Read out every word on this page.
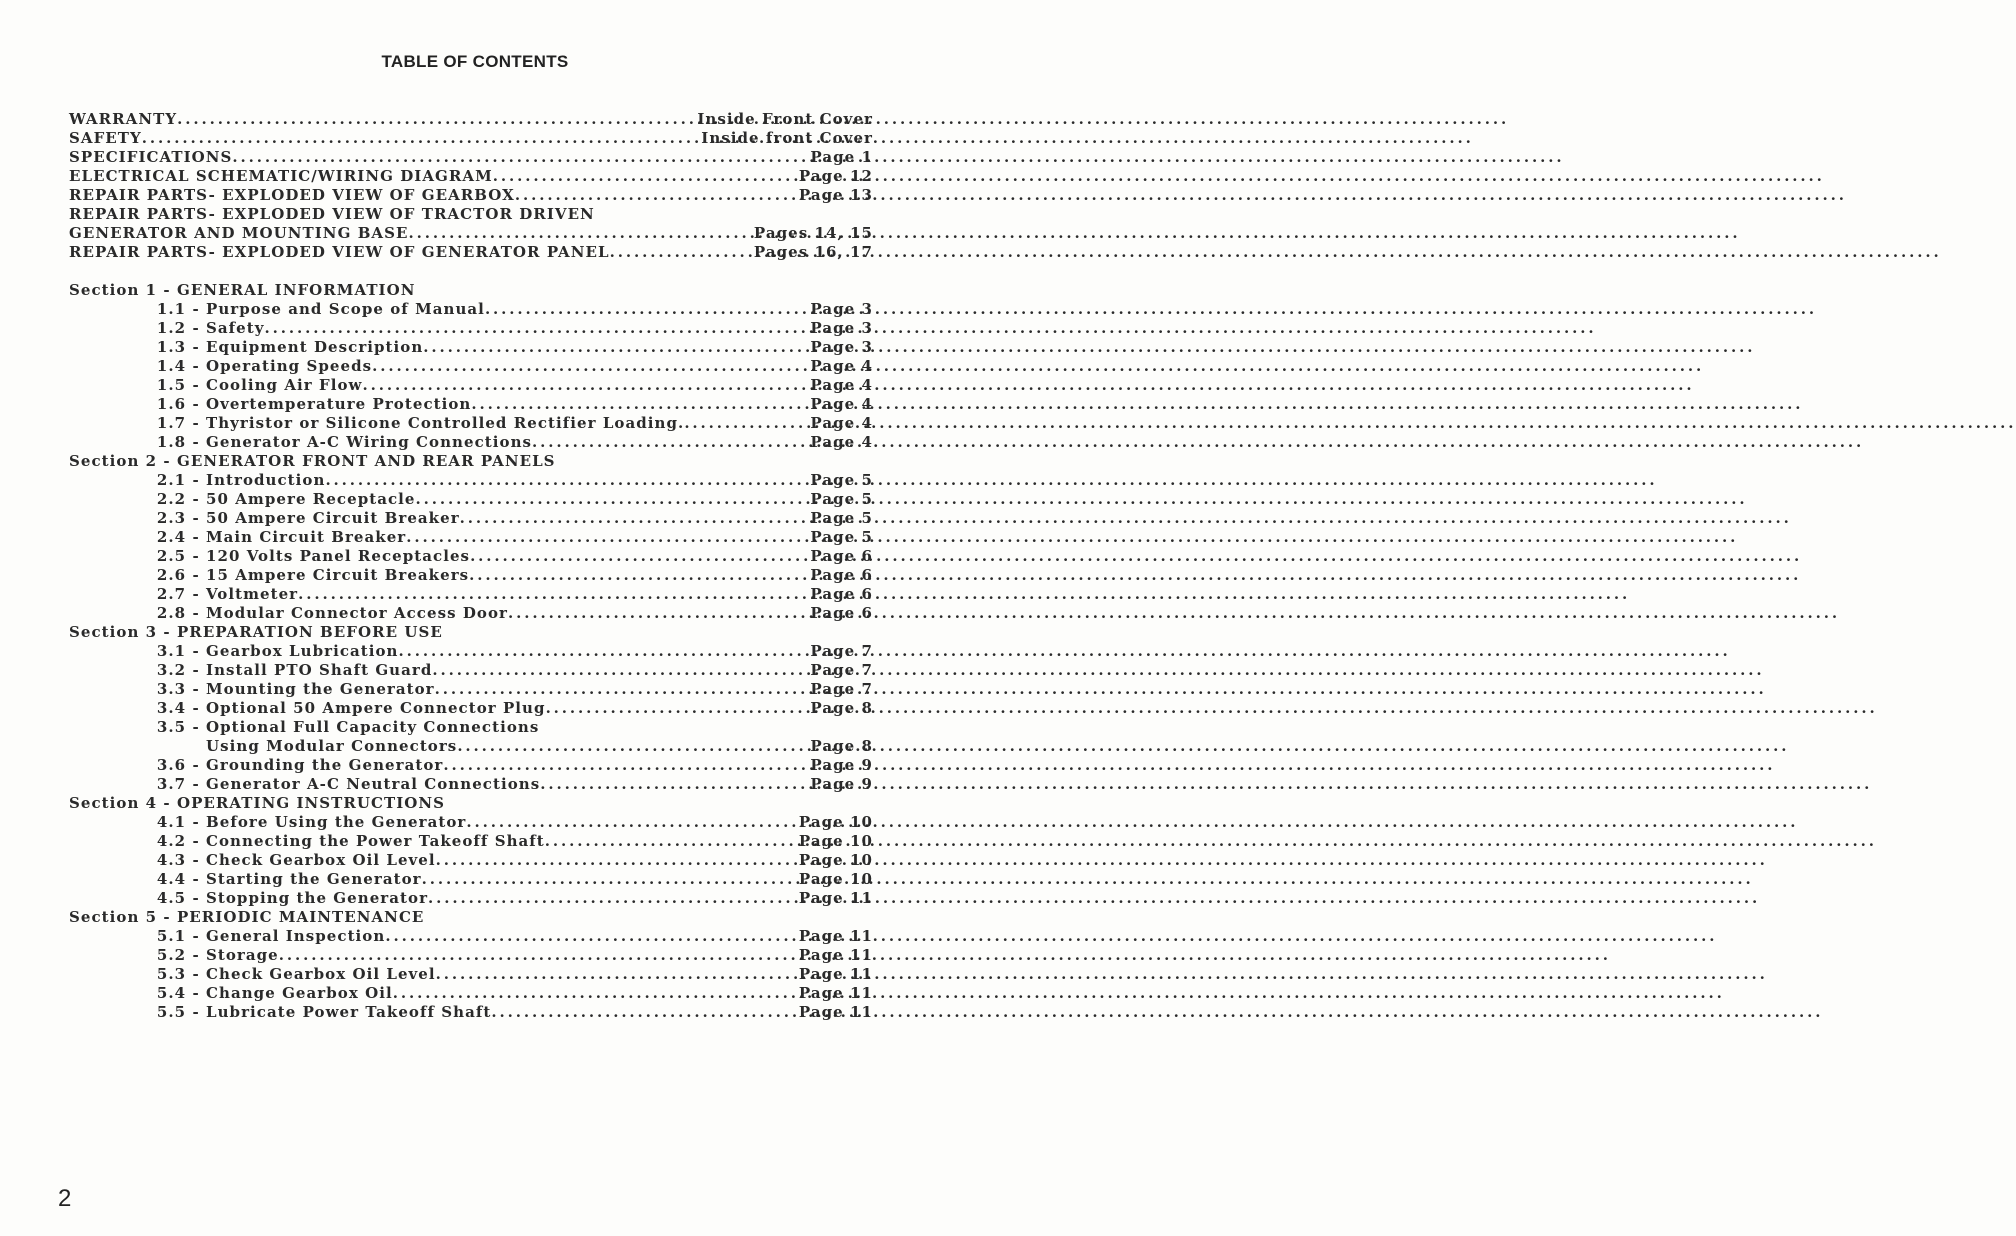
TABLE OF CONTENTS
WARRANTY .....	Inside Front Cover
SAFETY .....	Inside front Cover
SPECIFICATIONS .....	Page 1
ELECTRICAL SCHEMATIC/WIRING DIAGRAM .....	Page 12
REPAIR PARTS- EXPLODED VIEW OF GEARBOX .....	Page 13
REPAIR PARTS- EXPLODED VIEW OF TRACTOR DRIVEN
GENERATOR AND MOUNTING BASE .....	Pages 14, 15
REPAIR PARTS- EXPLODED VIEW OF GENERATOR PANEL .....	Pages 16, 17
Section 1 - GENERAL INFORMATION
1.1 - Purpose and Scope of Manual .....	Page 3
1.2 - Safety .....	Page 3
1.3 - Equipment Description .....	Page 3
1.4 - Operating Speeds .....	Page 4
1.5 - Cooling Air Flow .....	Page 4
1.6 - Overtemperature Protection .....	Page 4
1.7 - Thyristor or Silicone Controlled Rectifier Loading. .....	Page 4
1.8 - Generator A-C Wiring Connections .....	Page 4
Section 2 - GENERATOR FRONT AND REAR PANELS
2.1 - Introduction .....	Page 5
2.2 - 50 Ampere Receptacle .....	Page 5
2.3 - 50 Ampere Circuit Breaker .....	Page 5
2.4 - Main Circuit Breaker .....	Page 5
2.5 - 120 Volts Panel Receptacles .....	Page 6
2.6 - 15 Ampere Circuit Breakers .....	Page 6
2.7 - Voltmeter .....	Page 6
2.8 - Modular Connector Access Door .....	Page 6
Section 3 - PREPARATION BEFORE USE
3.1 - Gearbox Lubrication .....	Page 7
3.2 - Install PTO Shaft Guard .....	Page 7
3.3 - Mounting the Generator .....	Page 7
3.4 - Optional 50 Ampere Connector Plug .....	Page 8
3.5 - Optional Full Capacity Connections
Using Modular Connectors .....	Page 8
3.6 - Grounding the Generator .....	Page 9
3.7 - Generator A-C Neutral Connections .....	Page 9
Section 4 - OPERATING INSTRUCTIONS
4.1 - Before Using the Generator .....	Page 10
4.2 - Connecting the Power Takeoff Shaft .....	Page 10
4.3 - Check Gearbox Oil Level .....	Page 10
4.4 - Starting the Generator .....	Page 10
4.5 - Stopping the Generator .....	Page 11
Section 5 - PERIODIC MAINTENANCE
5.1 - General Inspection .....	Page 11
5.2 - Storage .....	Page 11
5.3 - Check Gearbox Oil Level .....	Page 11
5.4 - Change Gearbox Oil .....	Page 11
5.5 - Lubricate Power Takeoff Shaft .....	Page 11
2
